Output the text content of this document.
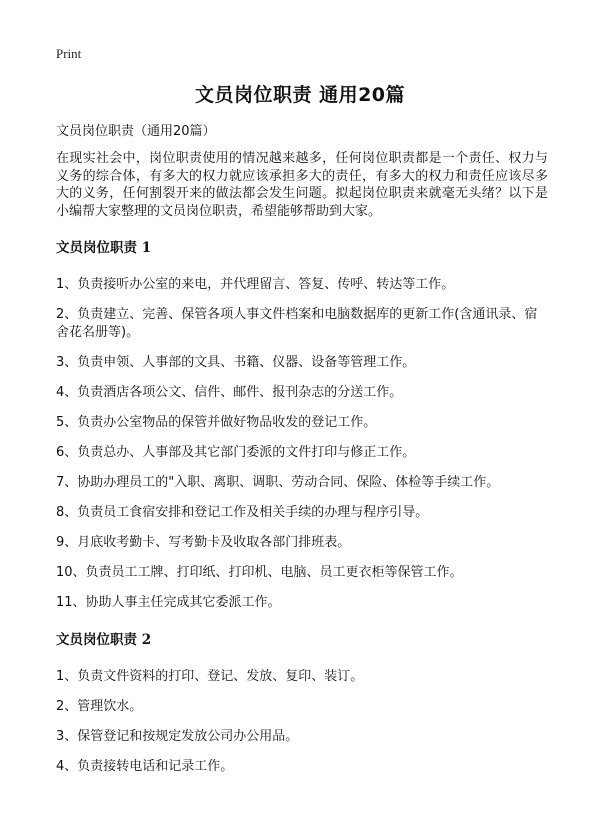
Print
文员岗位职责 通用20篇
文员岗位职责（通用20篇）
在现实社会中，岗位职责使用的情况越来越多，任何岗位职责都是一个责任、权力与义务的综合体，有多大的权力就应该承担多大的责任，有多大的权力和责任应该尽多大的义务，任何割裂开来的做法都会发生问题。拟起岗位职责来就毫无头绪？以下是小编帮大家整理的文员岗位职责，希望能够帮助到大家。
文员岗位职责 1
1、负责接听办公室的来电，并代理留言、答复、传呼、转达等工作。
2、负责建立、完善、保管各项人事文件档案和电脑数据库的更新工作(含通讯录、宿舍花名册等)。
3、负责申领、人事部的文具、书籍、仪器、设备等管理工作。
4、负责酒店各项公文、信件、邮件、报刊杂志的分送工作。
5、负责办公室物品的保管并做好物品收发的登记工作。
6、负责总办、人事部及其它部门委派的文件打印与修正工作。
7、协助办理员工的"入职、离职、调职、劳动合同、保险、体检等手续工作。
8、负责员工食宿安排和登记工作及相关手续的办理与程序引导。
9、月底收考勤卡、写考勤卡及收取各部门排班表。
10、负责员工工牌、打印纸、打印机、电脑、员工更衣柜等保管工作。
11、协助人事主任完成其它委派工作。
文员岗位职责 2
1、负责文件资料的打印、登记、发放、复印、装订。
2、管理饮水。
3、保管登记和按规定发放公司办公用品。
4、负责接转电话和记录工作。
